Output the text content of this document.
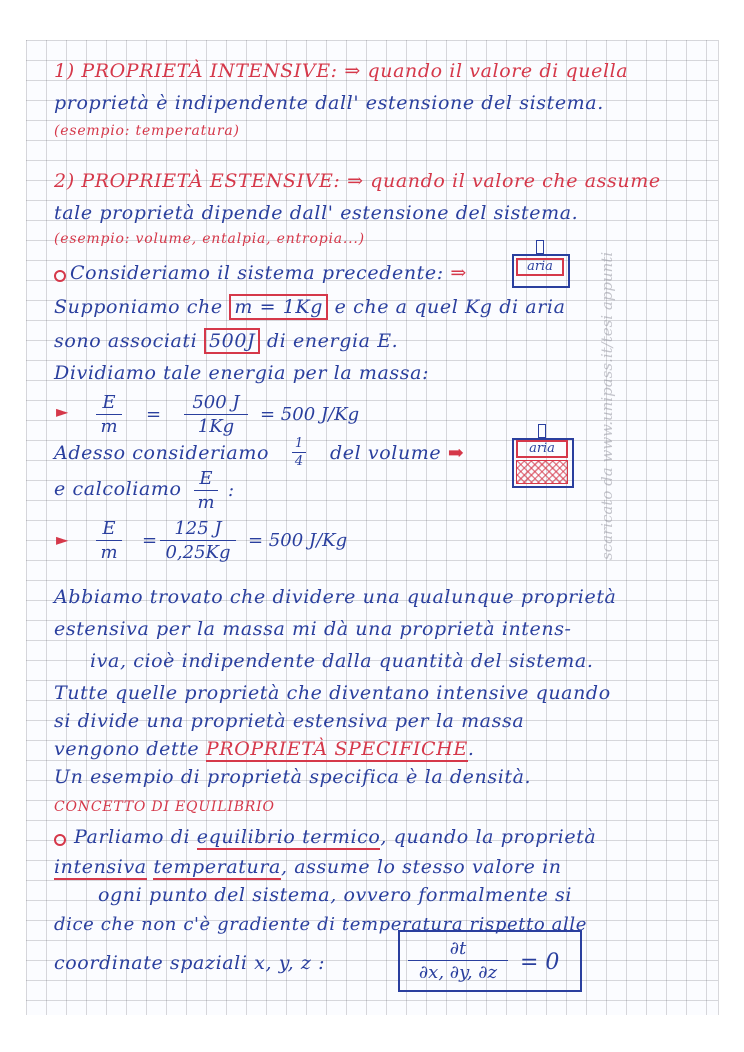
1) PROPRIETÀ INTENSIVE: ⇒ quando il valore di quella
proprietà è indipendente dall' estensione del sistema.
(esempio: temperatura)
2) PROPRIETÀ ESTENSIVE: ⇒ quando il valore che assume
tale proprietà dipende dall' estensione del sistema.
(esempio: volume, entalpia, entropia...)
Consideriamo il sistema precedente: ⇒	aria
Supponiamo che m = 1Kg e che a quel Kg di aria
sono associati 500J di energia E.
Dividiamo tale energia per la massa:
►	E
m
=
500 J
1Kg
= 500 J/Kg
Adesso consideriamo 1
4 del volume ➡	aria
e calcoliamo E
m
:
►
E
m
=
125 J
0,25Kg
= 500 J/Kg
Abbiamo trovato che dividere una qualunque proprietà
estensiva per la massa mi dà una proprietà intens-
iva, cioè indipendente dalla quantità del sistema.
Tutte quelle proprietà che diventano intensive quando
si divide una proprietà estensiva per la massa
vengono dette PROPRIETÀ SPECIFICHE.
Un esempio di proprietà specifica è la densità.
CONCETTO DI EQUILIBRIO
Parliamo di equilibrio termico, quando la proprietà
intensiva temperatura, assume lo stesso valore in
ogni punto del sistema, ovvero formalmente si
dice che non c'è gradiente di temperatura rispetto alle
coordinate spaziali x, y, z :
∂t
∂x, ∂y, ∂z	= 0
scaricato da www.unipass.it/tesi appunti
